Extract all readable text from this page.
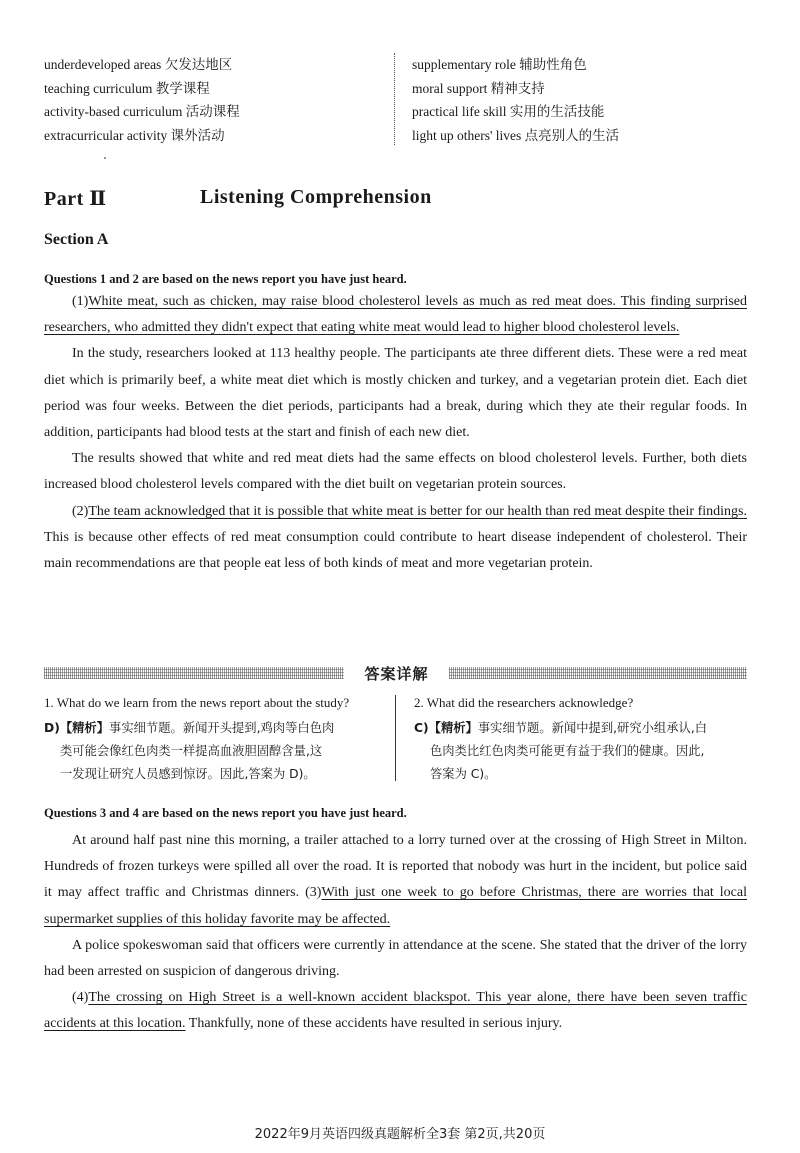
underdeveloped areas 欠发达地区
teaching curriculum 教学课程
activity-based curriculum 活动课程
extracurricular activity 课外活动
supplementary role 辅助性角色
moral support 精神支持
practical life skill 实用的生活技能
light up others' lives 点亮别人的生活
Part Ⅱ	Listening Comprehension
Section A
Questions 1 and 2 are based on the news report you have just heard.

(1)White meat, such as chicken, may raise blood cholesterol levels as much as red meat does. This finding surprised researchers, who admitted they didn't expect that eating white meat would lead to higher blood cholesterol levels.

In the study, researchers looked at 113 healthy people. The participants ate three different diets. These were a red meat diet which is primarily beef, a white meat diet which is mostly chicken and turkey, and a vegetarian protein diet. Each diet period was four weeks. Between the diet periods, participants had a break, during which they ate their regular foods. In addition, participants had blood tests at the start and finish of each new diet.

The results showed that white and red meat diets had the same effects on blood cholesterol levels. Further, both diets increased blood cholesterol levels compared with the diet built on vegetarian protein sources.

(2)The team acknowledged that it is possible that white meat is better for our health than red meat despite their findings. This is because other effects of red meat consumption could contribute to heart disease independent of cholesterol. Their main recommendations are that people eat less of both kinds of meat and more vegetarian protein.

答案详解
1. What do we learn from the news report about the study?
D)【精析】事实细节题。新闻开头提到,鸡肉等白色肉
类可能会像红色肉类一样提高血液胆固醇含量,这
一发现让研究人员感到惊讶。因此,答案为 D)。
2. What did the researchers acknowledge?
C)【精析】事实细节题。新闻中提到,研究小组承认,白
色肉类比红色肉类可能更有益于我们的健康。因此,
答案为 C)。
Questions 3 and 4 are based on the news report you have just heard.

At around half past nine this morning, a trailer attached to a lorry turned over at the crossing of High Street in Milton. Hundreds of frozen turkeys were spilled all over the road. It is reported that nobody was hurt in the incident, but police said it may affect traffic and Christmas dinners. (3)With just one week to go before Christmas, there are worries that local supermarket supplies of this holiday favorite may be affected.

A police spokeswoman said that officers were currently in attendance at the scene. She stated that the driver of the lorry had been arrested on suspicion of dangerous driving.

(4)The crossing on High Street is a well-known accident blackspot. This year alone, there have been seven traffic accidents at this location. Thankfully, none of these accidents have resulted in serious injury.

2022年9月英语四级真题解析全3套 第2页,共20页
